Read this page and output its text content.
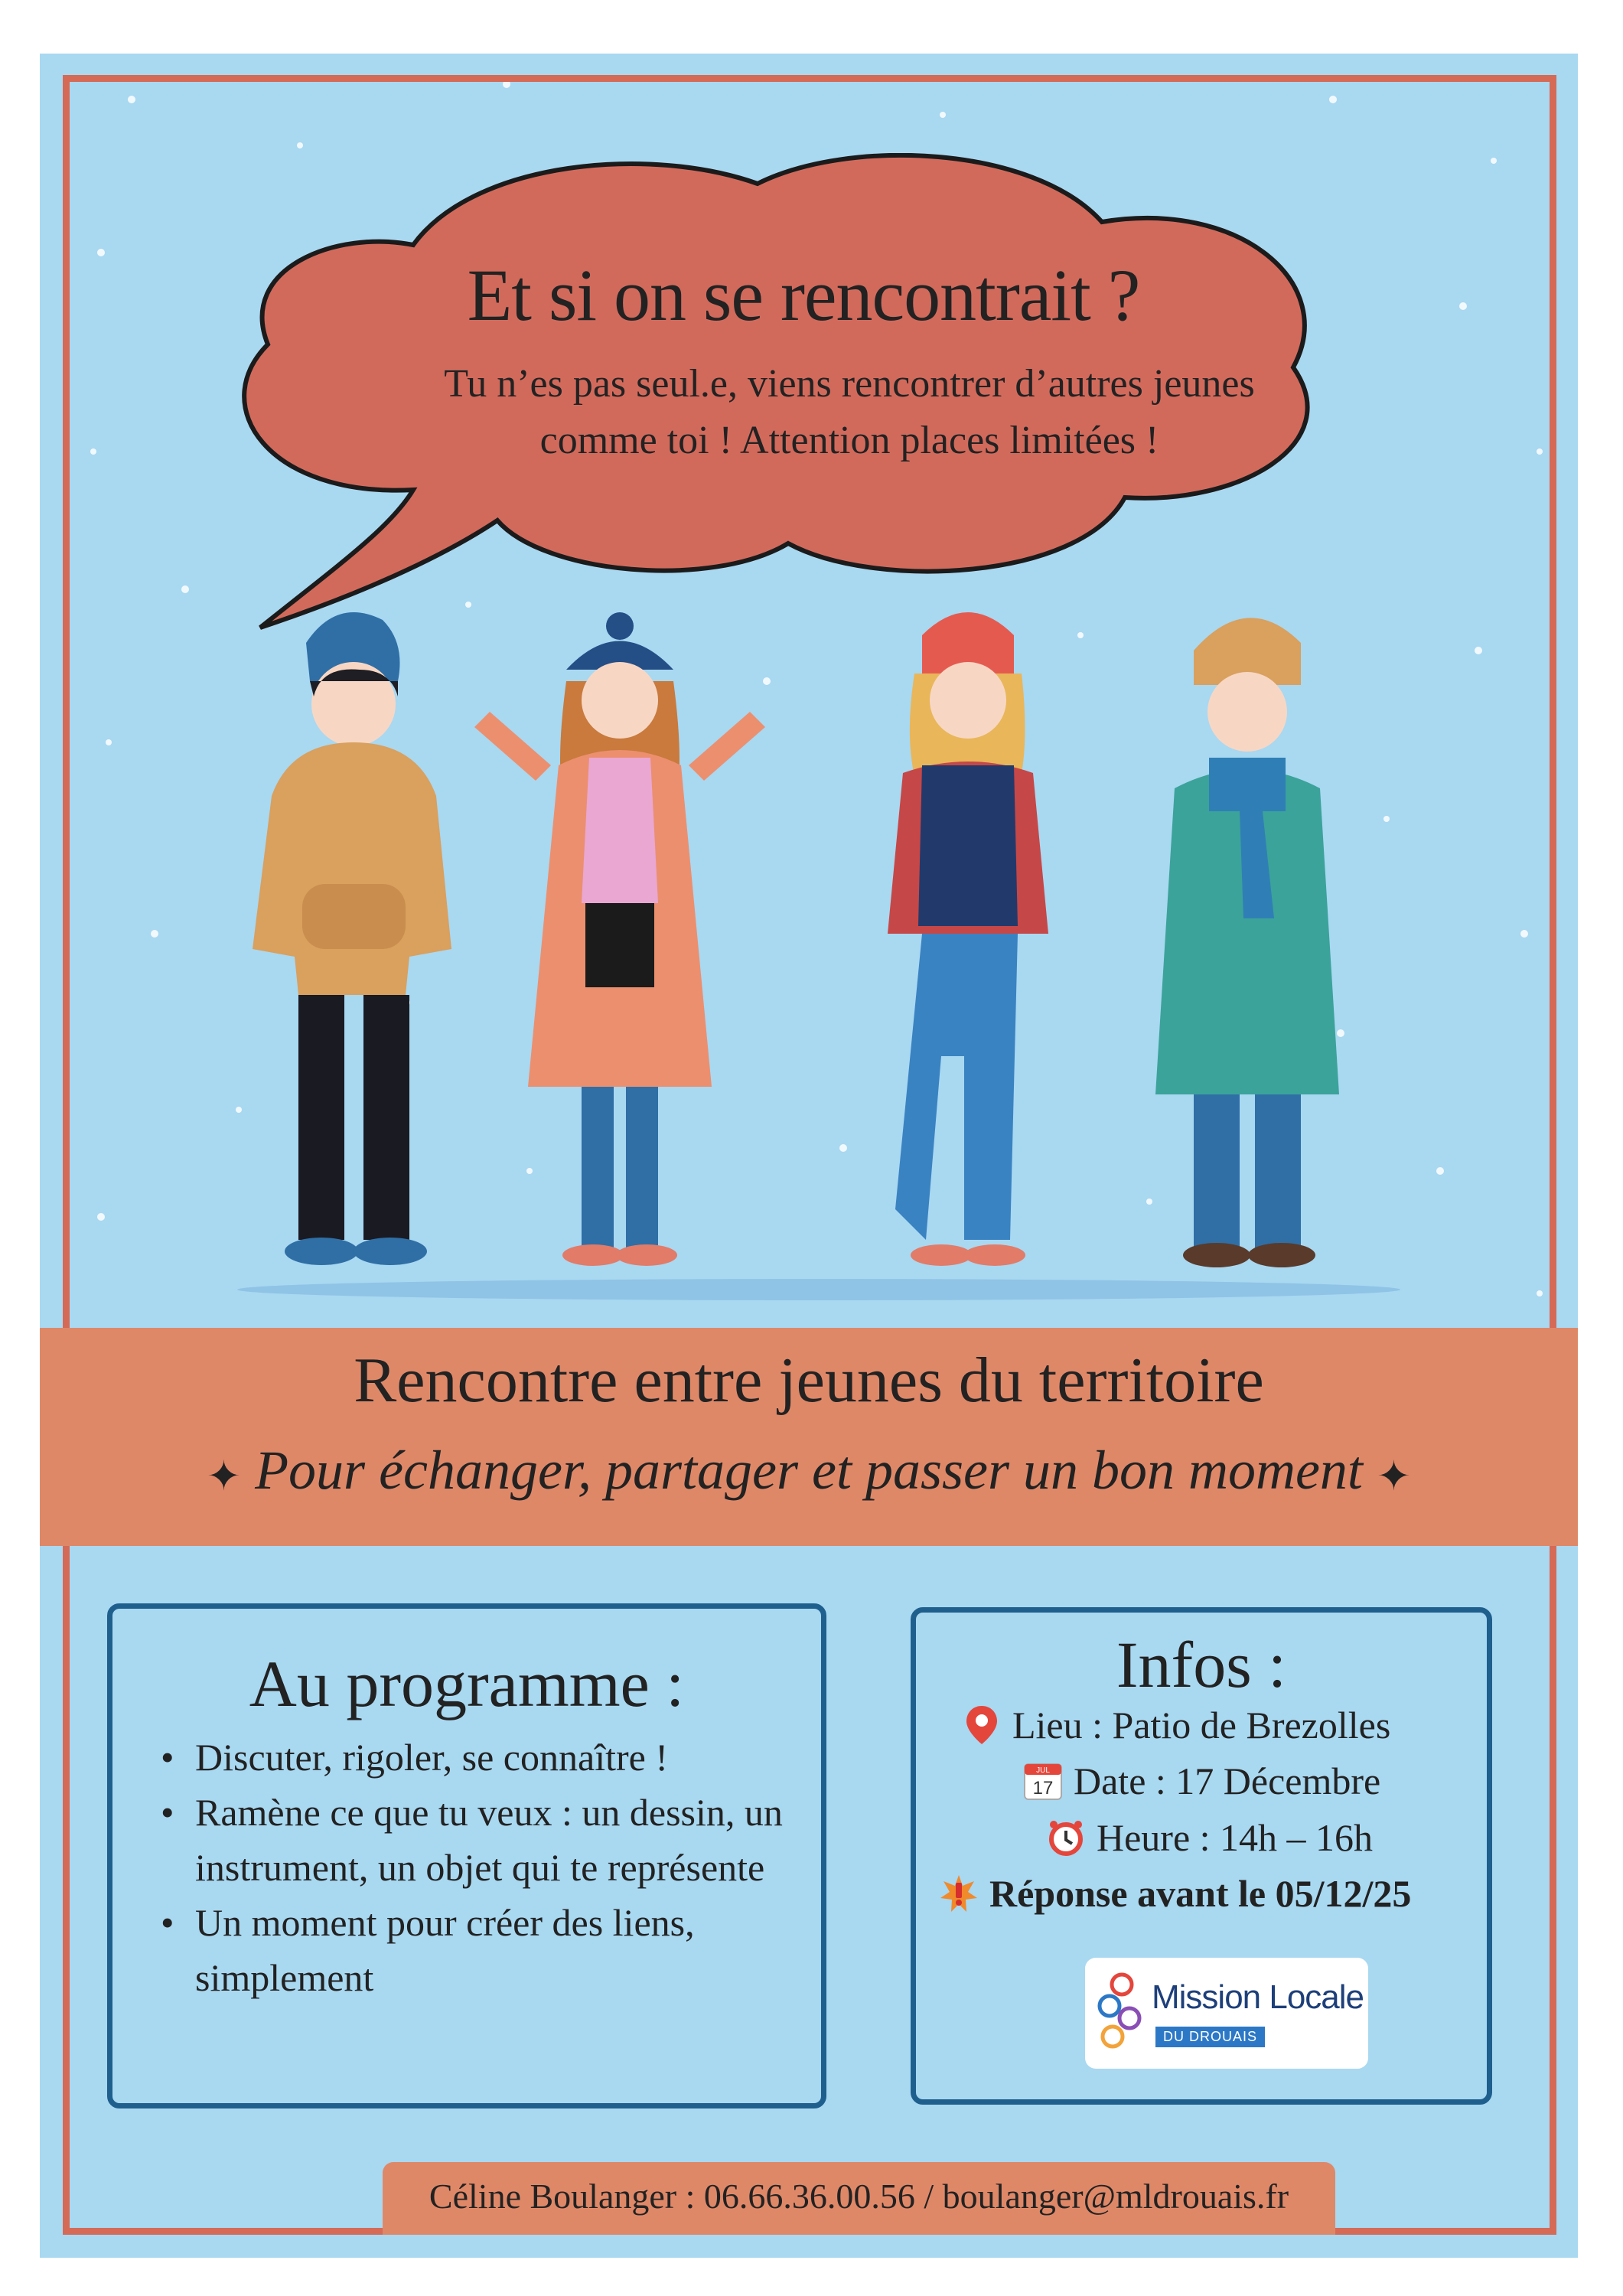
Et si on se rencontrait ?
Tu n’es pas seul.e, viens rencontrer d’autres jeunes
comme toi ! Attention places limitées !
Rencontre entre jeunes du territoire
✦ Pour échanger, partager et passer un bon moment ✦
Au programme :
• Discuter, rigoler, se connaître !
• Ramène ce que tu veux : un dessin, un instrument, un objet qui te représente
• Un moment pour créer des liens, simplement
Infos :
Lieu : Patio de Brezolles
JUL
17 Date : 17 Décembre
Heure : 14h – 16h
Réponse avant le 05/12/25
Mission Locale
DU DROUAIS
Céline Boulanger : 06.66.36.00.56 / boulanger@mldrouais.fr
